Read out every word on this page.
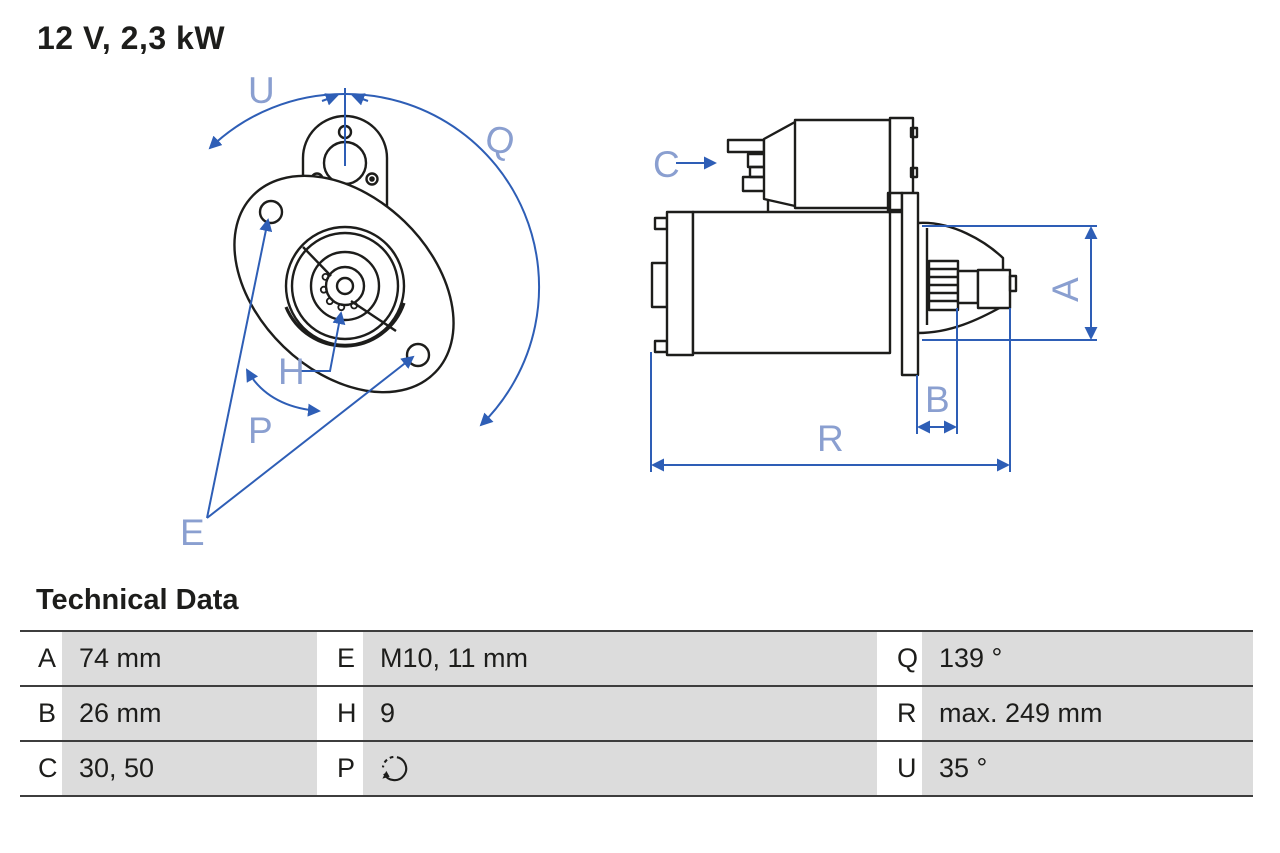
12 V, 2,3 kW
U
Q
H
P
E
C
A
B
R
Technical Data
A 74 mm	E M10, 11 mm	Q 139 °
B 26 mm	H 9	R max. 249 mm
C 30, 50	P	U 35 °
